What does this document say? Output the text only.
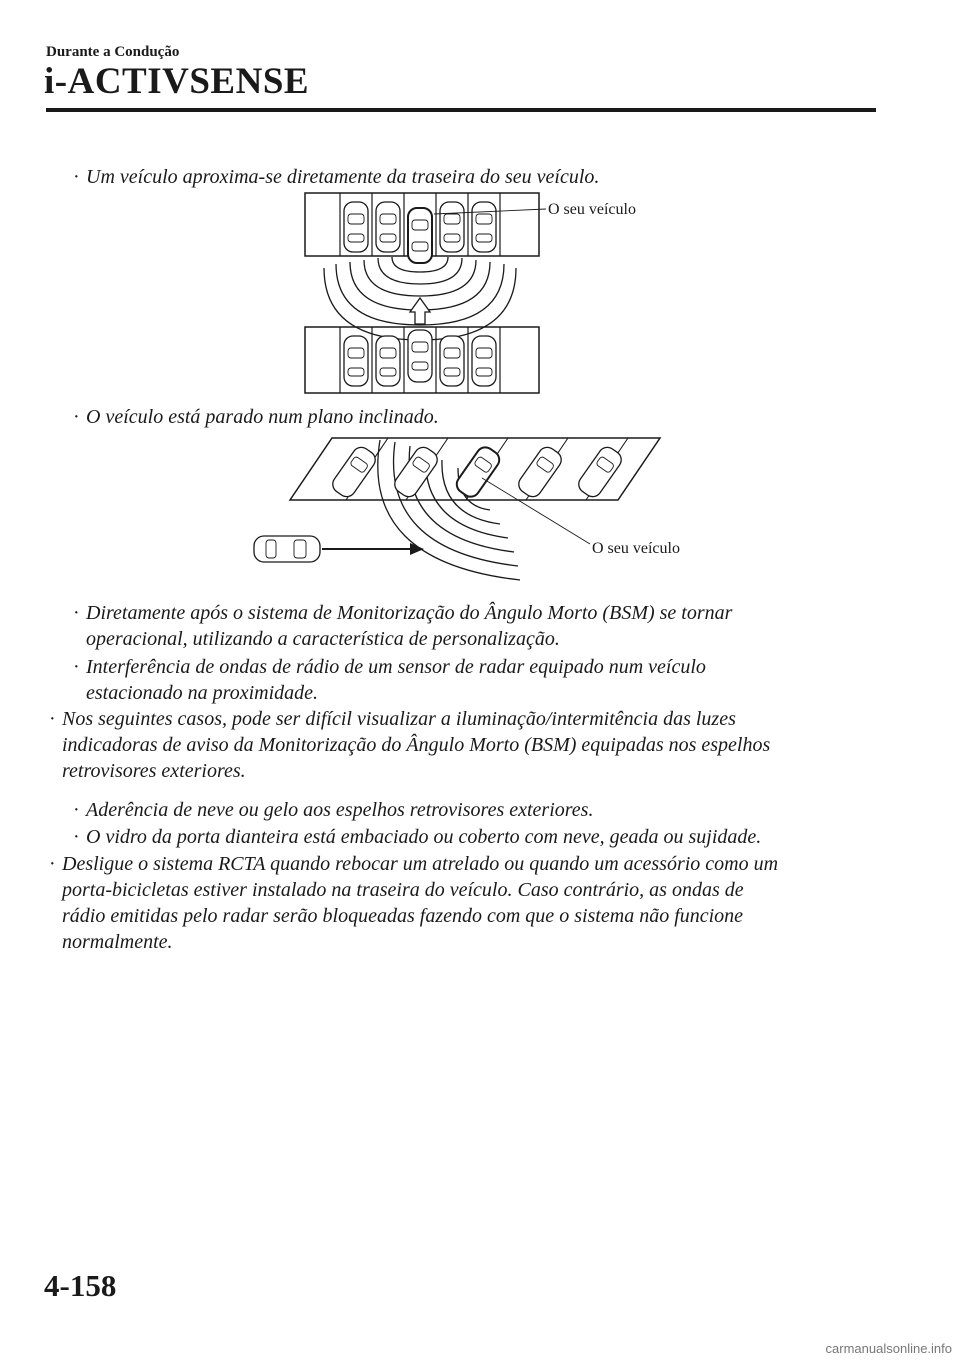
Durante a Condução
i-ACTIVSENSE
· Um veículo aproxima-se diretamente da traseira do seu veículo.
O seu veículo
· O veículo está parado num plano inclinado.
O seu veículo
· Diretamente após o sistema de Monitorização do Ângulo Morto (BSM) se tornar
operacional, utilizando a característica de personalização.
· Interferência de ondas de rádio de um sensor de radar equipado num veículo
estacionado na proximidade.
· Nos seguintes casos, pode ser difícil visualizar a iluminação/intermitência das luzes
indicadoras de aviso da Monitorização do Ângulo Morto (BSM) equipadas nos espelhos
retrovisores exteriores.
· Aderência de neve ou gelo aos espelhos retrovisores exteriores.
· O vidro da porta dianteira está embaciado ou coberto com neve, geada ou sujidade.
· Desligue o sistema RCTA quando rebocar um atrelado ou quando um acessório como um
porta-bicicletas estiver instalado na traseira do veículo. Caso contrário, as ondas de
rádio emitidas pelo radar serão bloqueadas fazendo com que o sistema não funcione
normalmente.
4-158
carmanualsonline.info
